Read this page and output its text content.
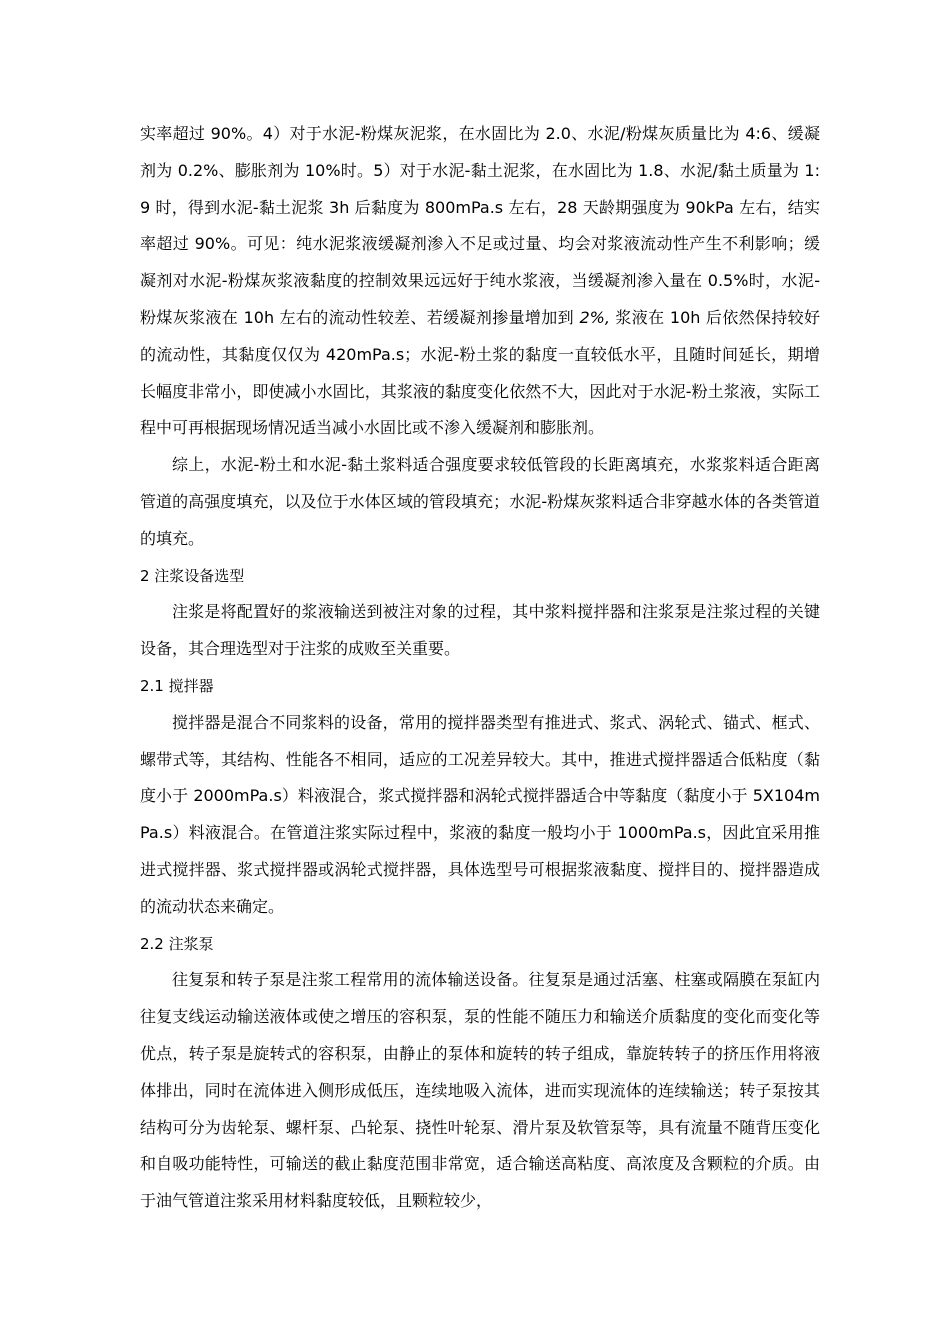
实率超过 90%。4）对于水泥-粉煤灰泥浆，在水固比为 2.0、水泥/粉煤灰质量比为 4:6、缓凝剂为 0.2%、膨胀剂为 10%时。5）对于水泥-黏土泥浆，在水固比为 1.8、水泥/黏土质量为 1:9 时，得到水泥-黏土泥浆 3h 后黏度为 800mPa.s 左右，28 天龄期强度为 90kPa 左右，结实率超过 90%。可见：纯水泥浆液缓凝剂渗入不足或过量、均会对浆液流动性产生不利影响；缓凝剂对水泥-粉煤灰浆液黏度的控制效果远远好于纯水浆液，当缓凝剂渗入量在 0.5%时，水泥-粉煤灰浆液在 10h 左右的流动性较差、若缓凝剂掺量增加到 2%, 浆液在 10h 后依然保持较好的流动性，其黏度仅仅为 420mPa.s；水泥-粉土浆的黏度一直较低水平，且随时间延长，期增长幅度非常小，即使减小水固比，其浆液的黏度变化依然不大，因此对于水泥-粉土浆液，实际工程中可再根据现场情况适当减小水固比或不渗入缓凝剂和膨胀剂。

综上，水泥-粉土和水泥-黏土浆料适合强度要求较低管段的长距离填充，水浆浆料适合距离管道的高强度填充，以及位于水体区域的管段填充；水泥-粉煤灰浆料适合非穿越水体的各类管道的填充。

2 注浆设备选型

注浆是将配置好的浆液输送到被注对象的过程，其中浆料搅拌器和注浆泵是注浆过程的关键设备，其合理选型对于注浆的成败至关重要。

2.1 搅拌器

搅拌器是混合不同浆料的设备，常用的搅拌器类型有推进式、浆式、涡轮式、锚式、框式、螺带式等，其结构、性能各不相同，适应的工况差异较大。其中，推进式搅拌器适合低粘度（黏度小于 2000mPa.s）料液混合，浆式搅拌器和涡轮式搅拌器适合中等黏度（黏度小于 5X104mPa.s）料液混合。在管道注浆实际过程中，浆液的黏度一般均小于 1000mPa.s，因此宜采用推进式搅拌器、浆式搅拌器或涡轮式搅拌器，具体选型号可根据浆液黏度、搅拌目的、搅拌器造成的流动状态来确定。

2.2 注浆泵

往复泵和转子泵是注浆工程常用的流体输送设备。往复泵是通过活塞、柱塞或隔膜在泵缸内往复支线运动输送液体或使之增压的容积泵，泵的性能不随压力和输送介质黏度的变化而变化等优点，转子泵是旋转式的容积泵，由静止的泵体和旋转的转子组成，靠旋转转子的挤压作用将液体排出，同时在流体进入侧形成低压，连续地吸入流体，进而实现流体的连续输送；转子泵按其结构可分为齿轮泵、螺杆泵、凸轮泵、挠性叶轮泵、滑片泵及软管泵等，具有流量不随背压变化和自吸功能特性，可输送的截止黏度范围非常宽，适合输送高粘度、高浓度及含颗粒的介质。由于油气管道注浆采用材料黏度较低，且颗粒较少，
